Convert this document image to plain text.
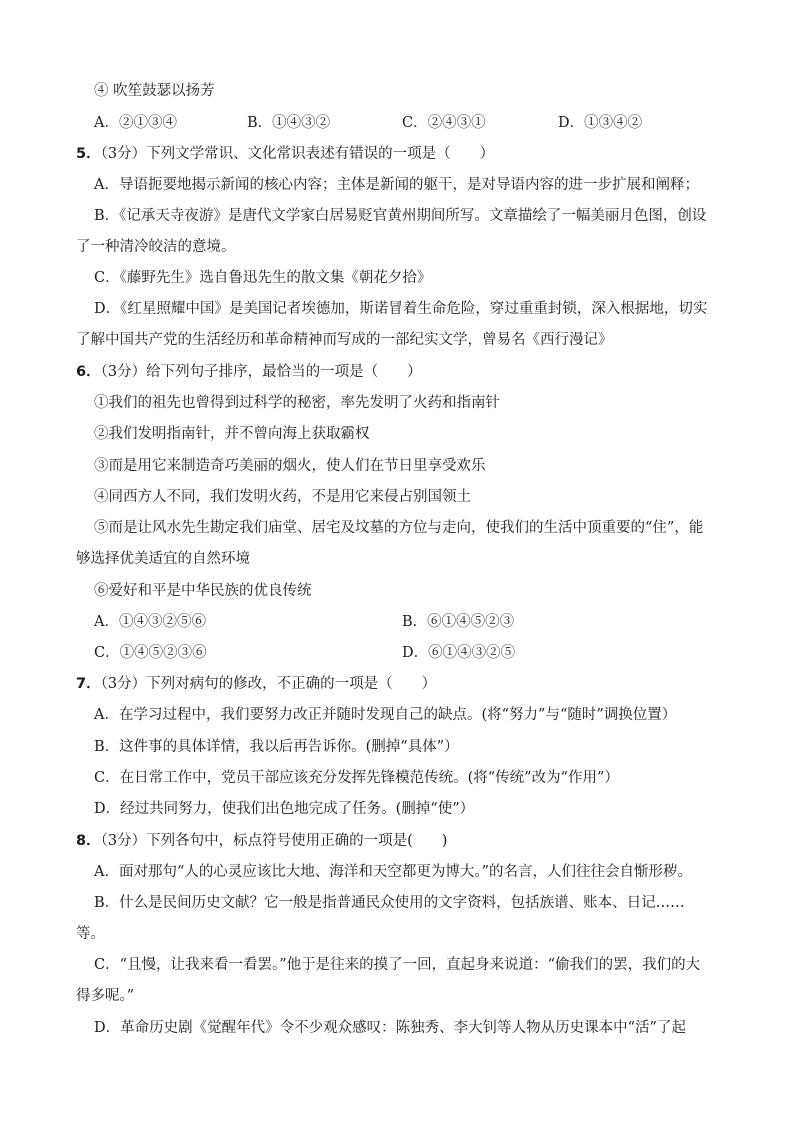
④ 吹笙鼓瑟以扬芳
A．②①③④	B．①④③②	C．②④③①	D．①③④②
5．（3分）下列文学常识、文化常识表述有错误的一项是（　　）
A．导语扼要地揭示新闻的核心内容；主体是新闻的躯干，是对导语内容的进一步扩展和阐释；
B．《记承天寺夜游》是唐代文学家白居易贬官黄州期间所写。文章描绘了一幅美丽月色图，创设
了一种清冷皎洁的意境。
C．《藤野先生》选自鲁迅先生的散文集《朝花夕拾》
D．《红星照耀中国》是美国记者埃德加，斯诺冒着生命危险，穿过重重封锁，深入根据地，切实
了解中国共产党的生活经历和革命精神而写成的一部纪实文学，曾易名《西行漫记》
6．（3分）给下列句子排序，最恰当的一项是（　　）
①我们的祖先也曾得到过科学的秘密，率先发明了火药和指南针
②我们发明指南针，并不曾向海上获取霸权
③而是用它来制造奇巧美丽的烟火，使人们在节日里享受欢乐
④同西方人不同，我们发明火药，不是用它来侵占别国领土
⑤而是让风水先生勘定我们庙堂、居宅及坟墓的方位与走向，使我们的生活中顶重要的“住”，能
够选择优美适宜的自然环境
⑥爱好和平是中华民族的优良传统
A．①④③②⑤⑥	B．⑥①④⑤②③
C．①④⑤②③⑥	D．⑥①④③②⑤
7．（3分）下列对病句的修改，不正确的一项是（　　）
A．在学习过程中，我们要努力改正并随时发现自己的缺点。(将“努力”与“随时”调换位置）
B．这件事的具体详情，我以后再告诉你。(删掉“具体”）
C．在日常工作中，党员干部应该充分发挥先锋模范传统。(将“传统”改为“作用”）
D．经过共同努力，使我们出色地完成了任务。(删掉“使”）
8．（3分）下列各句中，标点符号使用正确的一项是(　　)
A．面对那句“人的心灵应该比大地、海洋和天空都更为博大。”的名言，人们往往会自惭形秽。
B．什么是民间历史文献？它一般是指普通民众使用的文字资料，包括族谱、账本、日记……
等。
C．“且慢，让我来看一看罢。”他于是往来的摸了一回，直起身来说道：“偷我们的罢，我们的大
得多呢。”
D．革命历史剧《觉醒年代》令不少观众感叹：陈独秀、李大钊等人物从历史课本中“活”了起
